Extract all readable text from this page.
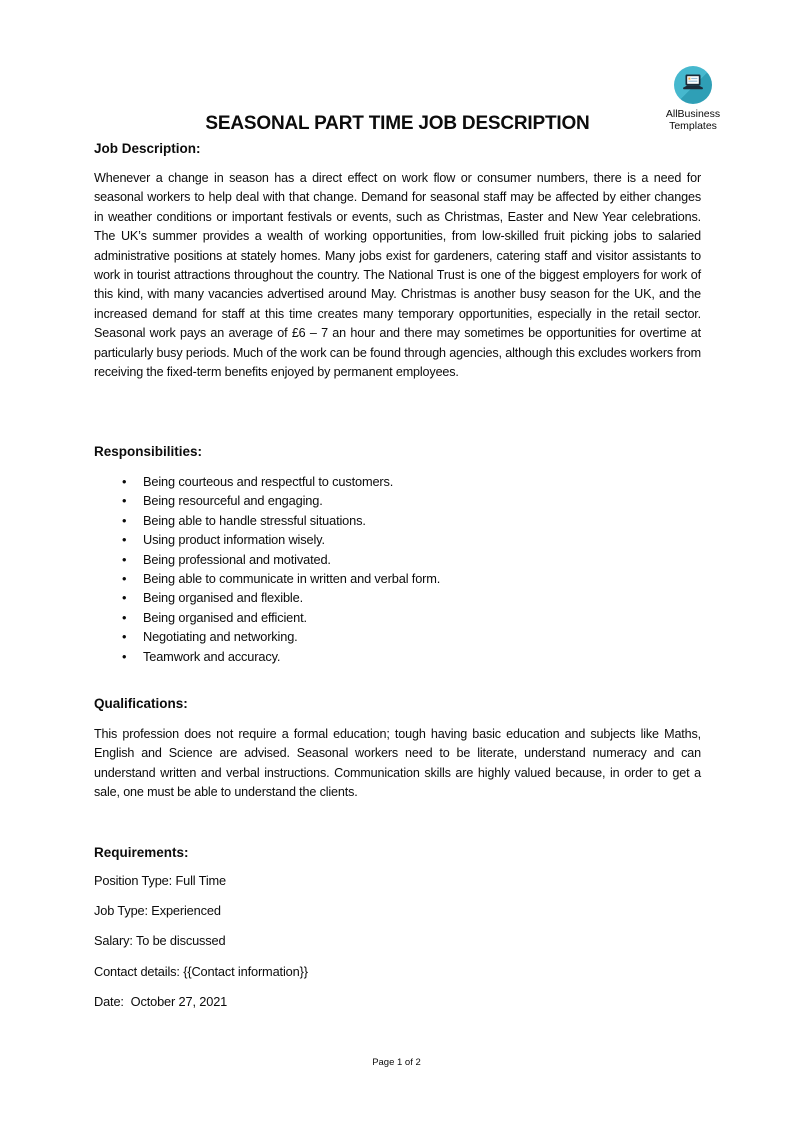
AllBusiness
Templates
SEASONAL PART TIME JOB DESCRIPTION
Job Description:

Whenever a change in season has a direct effect on work flow or consumer numbers, there is a need for seasonal workers to help deal with that change. Demand for seasonal staff may be affected by either changes in weather conditions or important festivals or events, such as Christmas, Easter and New Year celebrations. The UK’s summer provides a wealth of working opportunities, from low-skilled fruit picking jobs to salaried administrative positions at stately homes. Many jobs exist for gardeners, catering staff and visitor assistants to work in tourist attractions throughout the country. The National Trust is one of the biggest employers for work of this kind, with many vacancies advertised around May. Christmas is another busy season for the UK, and the increased demand for staff at this time creates many temporary opportunities, especially in the retail sector. Seasonal work pays an average of £6 – 7 an hour and there may sometimes be opportunities for overtime at particularly busy periods. Much of the work can be found through agencies, although this excludes workers from receiving the fixed-term benefits enjoyed by permanent employees.

Responsibilities:
• Being courteous and respectful to customers.
• Being resourceful and engaging.
• Being able to handle stressful situations.
• Using product information wisely.
• Being professional and motivated.
• Being able to communicate in written and verbal form.
• Being organised and flexible.
• Being organised and efficient.
• Negotiating and networking.
• Teamwork and accuracy.
Qualifications:

This profession does not require a formal education; tough having basic education and subjects like Maths, English and Science are advised. Seasonal workers need to be literate, understand numeracy and can understand written and verbal instructions. Communication skills are highly valued because, in order to get a sale, one must be able to understand the clients.

Requirements:

Position Type: Full Time

Job Type: Experienced

Salary: To be discussed

Contact details: {{Contact information}}

Date:  October 27, 2021

Page 1 of 2
